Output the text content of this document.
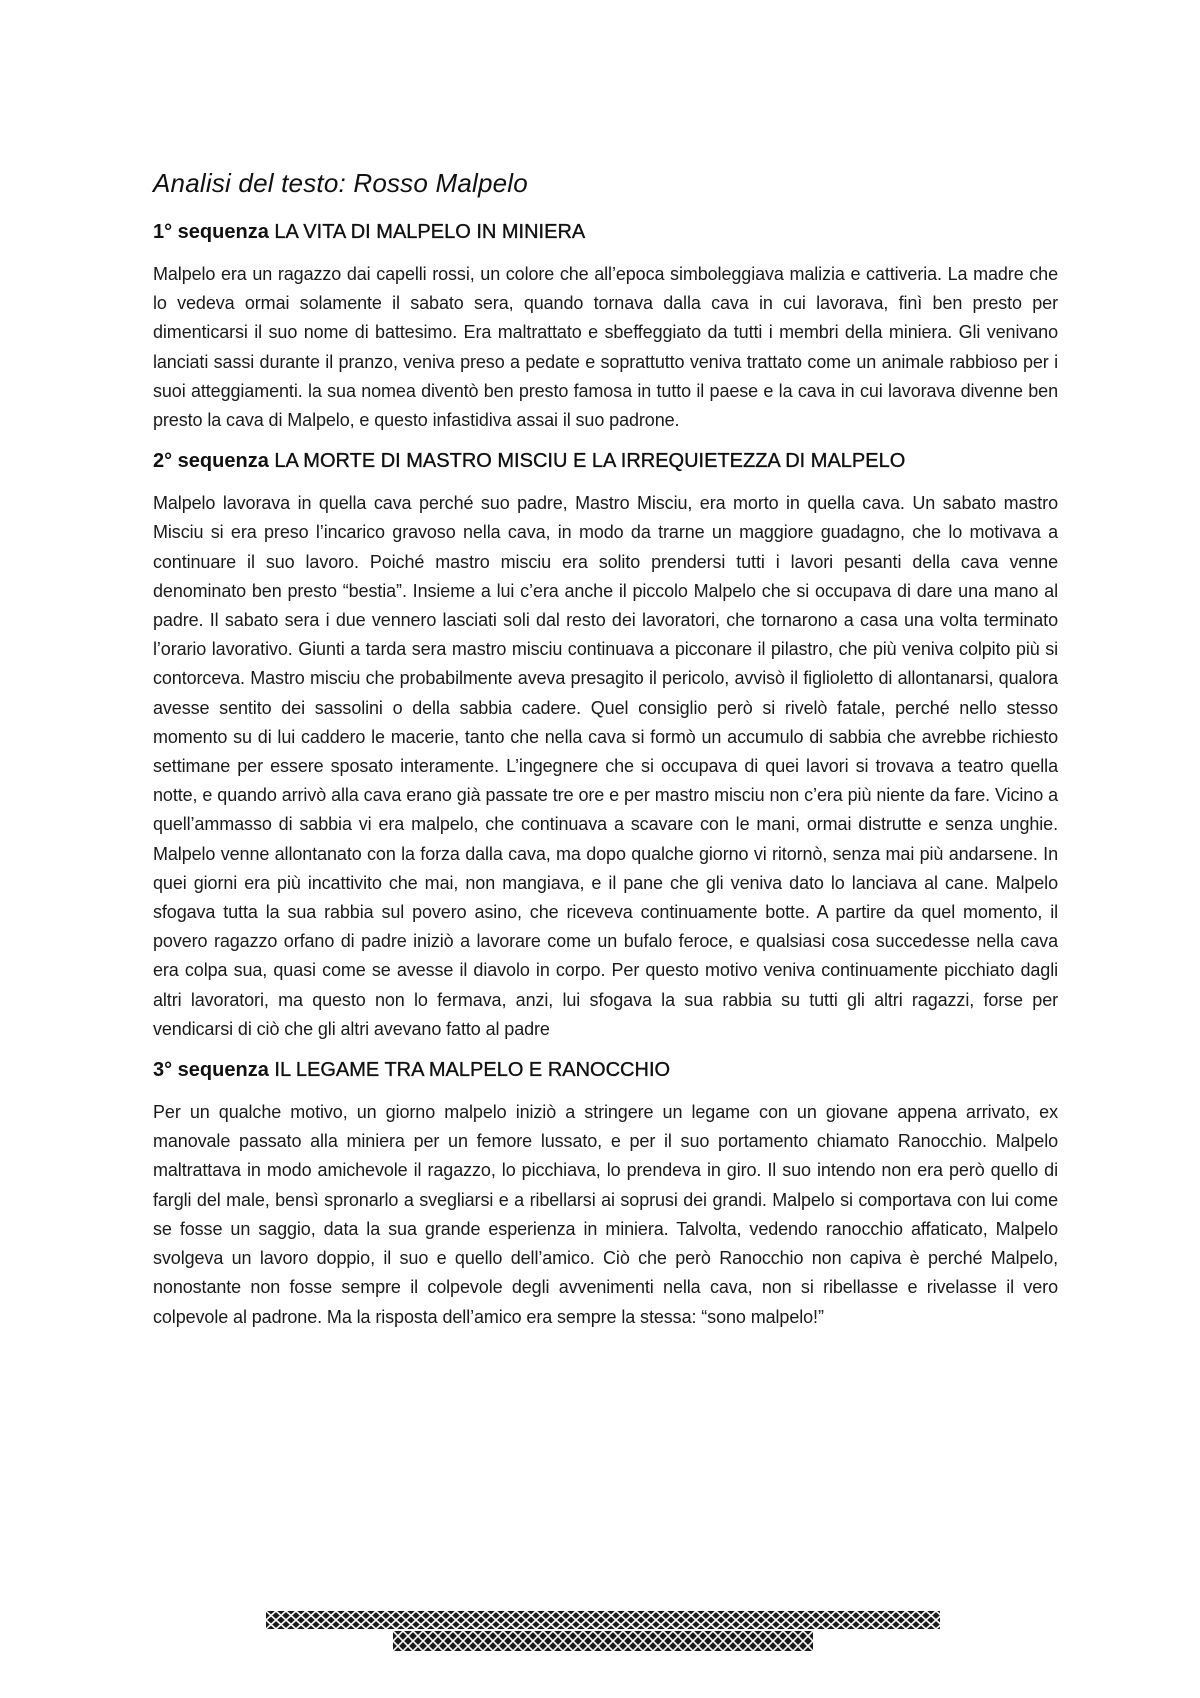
Analisi del testo: Rosso Malpelo
1° sequenza LA VITA DI MALPELO IN MINIERA

Malpelo era un ragazzo dai capelli rossi, un colore che all’epoca simboleggiava malizia e cattiveria. La madre che lo vedeva ormai solamente il sabato sera, quando tornava dalla cava in cui lavorava, finì ben presto per dimenticarsi il suo nome di battesimo. Era maltrattato e sbeffeggiato da tutti i membri della miniera. Gli venivano lanciati sassi durante il pranzo, veniva preso a pedate e soprattutto veniva trattato come un animale rabbioso per i suoi atteggiamenti. la sua nomea diventò ben presto famosa in tutto il paese e la cava in cui lavorava divenne ben presto la cava di Malpelo, e questo infastidiva assai il suo padrone.

2° sequenza LA MORTE DI MASTRO MISCIU E LA IRREQUIETEZZA DI MALPELO

Malpelo lavorava in quella cava perché suo padre, Mastro Misciu, era morto in quella cava. Un sabato mastro Misciu si era preso l’incarico gravoso nella cava, in modo da trarne un maggiore guadagno, che lo motivava a continuare il suo lavoro. Poiché mastro misciu era solito prendersi tutti i lavori pesanti della cava venne denominato ben presto “bestia”. Insieme a lui c’era anche il piccolo Malpelo che si occupava di dare una mano al padre. Il sabato sera i due vennero lasciati soli dal resto dei lavoratori, che tornarono a casa una volta terminato l’orario lavorativo. Giunti a tarda sera mastro misciu continuava a picconare il pilastro, che più veniva colpito più si contorceva. Mastro misciu che probabilmente aveva presagito il pericolo, avvisò il figlioletto di allontanarsi, qualora avesse sentito dei sassolini o della sabbia cadere. Quel consiglio però si rivelò fatale, perché nello stesso momento su di lui caddero le macerie, tanto che nella cava si formò un accumulo di sabbia che avrebbe richiesto settimane per essere sposato interamente. L’ingegnere che si occupava di quei lavori si trovava a teatro quella notte, e quando arrivò alla cava erano già passate tre ore e per mastro misciu non c’era più niente da fare. Vicino a quell’ammasso di sabbia vi era malpelo, che continuava a scavare con le mani, ormai distrutte e senza unghie. Malpelo venne allontanato con la forza dalla cava, ma dopo qualche giorno vi ritornò, senza mai più andarsene. In quei giorni era più incattivito che mai, non mangiava, e il pane che gli veniva dato lo lanciava al cane. Malpelo sfogava tutta la sua rabbia sul povero asino, che riceveva continuamente botte. A partire da quel momento, il povero ragazzo orfano di padre iniziò a lavorare come un bufalo feroce, e qualsiasi cosa succedesse nella cava era colpa sua, quasi come se avesse il diavolo in corpo. Per questo motivo veniva continuamente picchiato dagli altri lavoratori, ma questo non lo fermava, anzi, lui sfogava la sua rabbia su tutti gli altri ragazzi, forse per vendicarsi di ciò che gli altri avevano fatto al padre

3° sequenza IL LEGAME TRA MALPELO E RANOCCHIO

Per un qualche motivo, un giorno malpelo iniziò a stringere un legame con un giovane appena arrivato, ex manovale passato alla miniera per un femore lussato, e per il suo portamento chiamato Ranocchio. Malpelo maltrattava in modo amichevole il ragazzo, lo picchiava, lo prendeva in giro. Il suo intendo non era però quello di fargli del male, bensì spronarlo a svegliarsi e a ribellarsi ai soprusi dei grandi. Malpelo si comportava con lui come se fosse un saggio, data la sua grande esperienza in miniera. Talvolta, vedendo ranocchio affaticato, Malpelo svolgeva un lavoro doppio, il suo e quello dell’amico. Ciò che però Ranocchio non capiva è perché Malpelo, nonostante non fosse sempre il colpevole degli avvenimenti nella cava, non si ribellasse e rivelasse il vero colpevole al padrone. Ma la risposta dell’amico era sempre la stessa: “sono malpelo!”
